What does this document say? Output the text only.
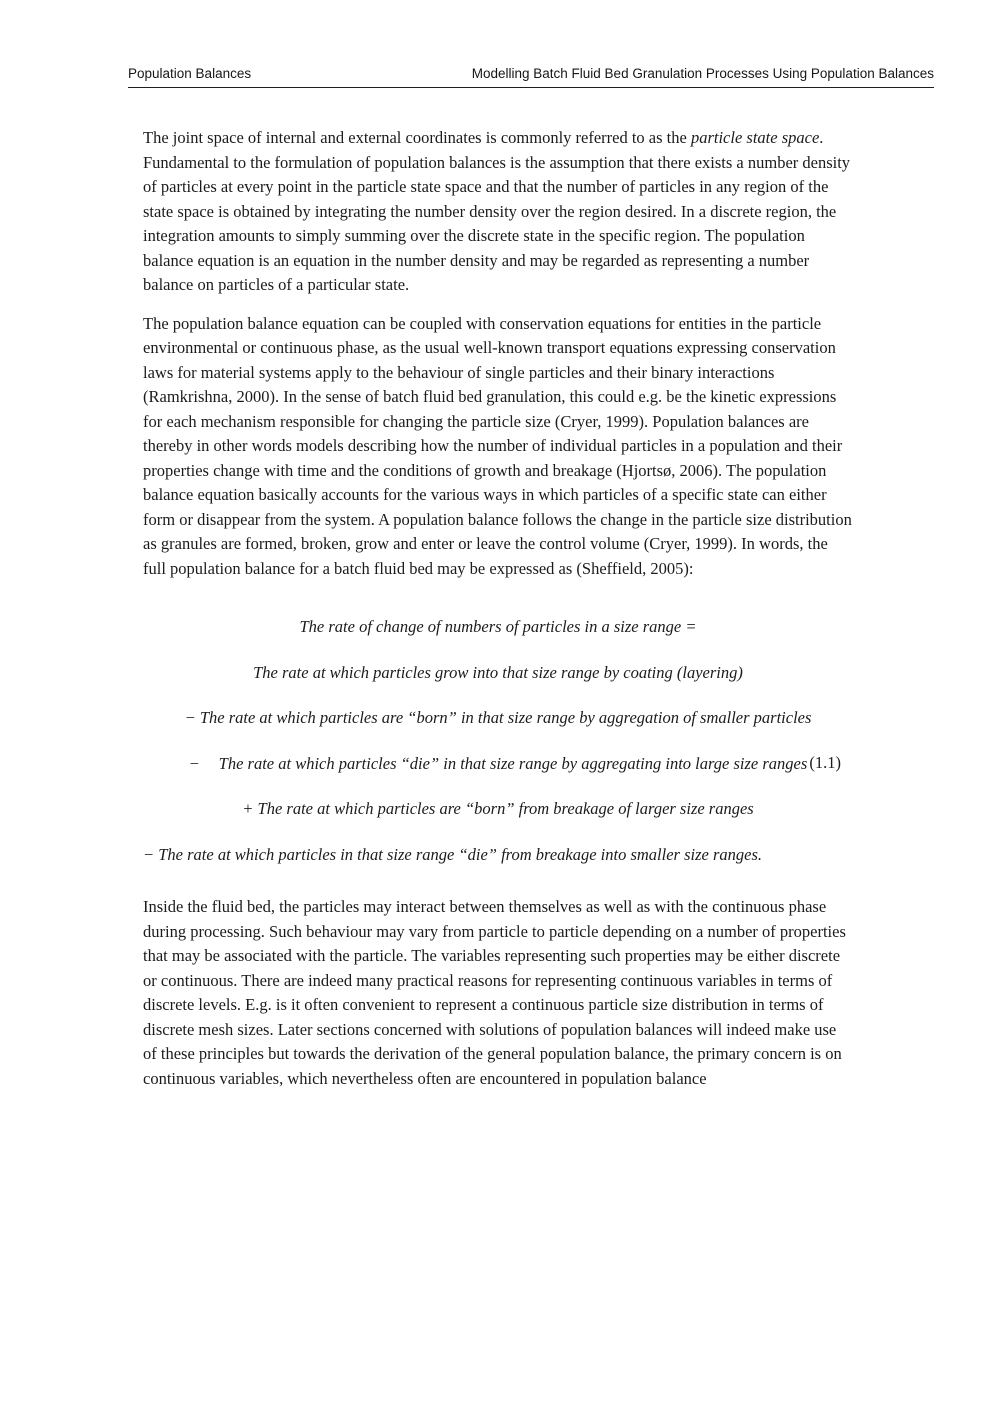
Population Balances	Modelling Batch Fluid Bed Granulation Processes Using Population Balances

The joint space of internal and external coordinates is commonly referred to as the particle state space. Fundamental to the formulation of population balances is the assumption that there exists a number density of particles at every point in the particle state space and that the number of particles in any region of the state space is obtained by integrating the number density over the region desired. In a discrete region, the integration amounts to simply summing over the discrete state in the specific region. The population balance equation is an equation in the number density and may be regarded as representing a number balance on particles of a particular state.

The population balance equation can be coupled with conservation equations for entities in the particle environmental or continuous phase, as the usual well-known transport equations expressing conservation laws for material systems apply to the behaviour of single particles and their binary interactions (Ramkrishna, 2000). In the sense of batch fluid bed granulation, this could e.g. be the kinetic expressions for each mechanism responsible for changing the particle size (Cryer, 1999). Population balances are thereby in other words models describing how the number of individual particles in a population and their properties change with time and the conditions of growth and breakage (Hjortsø, 2006). The population balance equation basically accounts for the various ways in which particles of a specific state can either form or disappear from the system. A population balance follows the change in the particle size distribution as granules are formed, broken, grow and enter or leave the control volume (Cryer, 1999). In words, the full population balance for a batch fluid bed may be expressed as (Sheffield, 2005):

The rate of change of numbers of particles in a size range =

The rate at which particles grow into that size range by coating (layering)

− The rate at which particles are “born” in that size range by aggregation of smaller particles

− The rate at which particles “die” in that size range by aggregating into large size ranges

+ The rate at which particles are “born” from breakage of larger size ranges

− The rate at which particles in that size range “die” from breakage into smaller size ranges.

(1.1)

Inside the fluid bed, the particles may interact between themselves as well as with the continuous phase during processing. Such behaviour may vary from particle to particle depending on a number of properties that may be associated with the particle. The variables representing such properties may be either discrete or continuous. There are indeed many practical reasons for representing continuous variables in terms of discrete levels. E.g. is it often convenient to represent a continuous particle size distribution in terms of discrete mesh sizes. Later sections concerned with solutions of population balances will indeed make use of these principles but towards the derivation of the general population balance, the primary concern is on continuous variables, which nevertheless often are encountered in population balance
